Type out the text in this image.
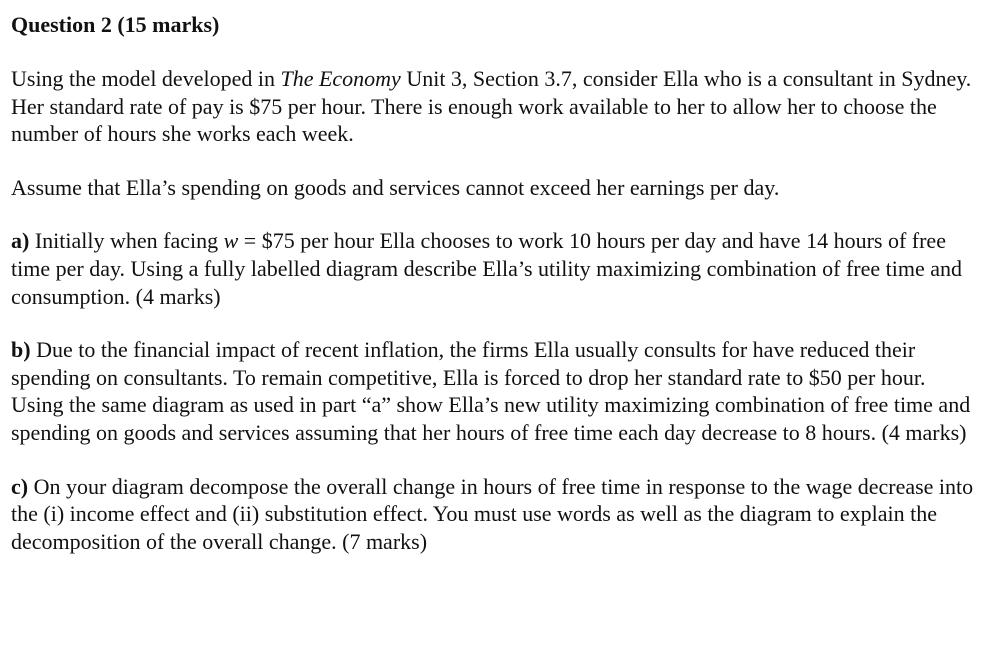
Question 2 (15 marks)

Using the model developed in The Economy Unit 3, Section 3.7, consider Ella who is a consultant in Sydney. Her standard rate of pay is $75 per hour. There is enough work available to her to allow her to choose the number of hours she works each week.

Assume that Ella’s spending on goods and services cannot exceed her earnings per day.

a) Initially when facing w = $75 per hour Ella chooses to work 10 hours per day and have 14 hours of free time per day. Using a fully labelled diagram describe Ella’s utility maximizing combination of free time and consumption. (4 marks)

b) Due to the financial impact of recent inflation, the firms Ella usually consults for have reduced their spending on consultants. To remain competitive, Ella is forced to drop her standard rate to $50 per hour. Using the same diagram as used in part “a” show Ella’s new utility maximizing combination of free time and spending on goods and services assuming that her hours of free time each day decrease to 8 hours. (4 marks)

c) On your diagram decompose the overall change in hours of free time in response to the wage decrease into the (i) income effect and (ii) substitution effect. You must use words as well as the diagram to explain the decomposition of the overall change. (7 marks)
